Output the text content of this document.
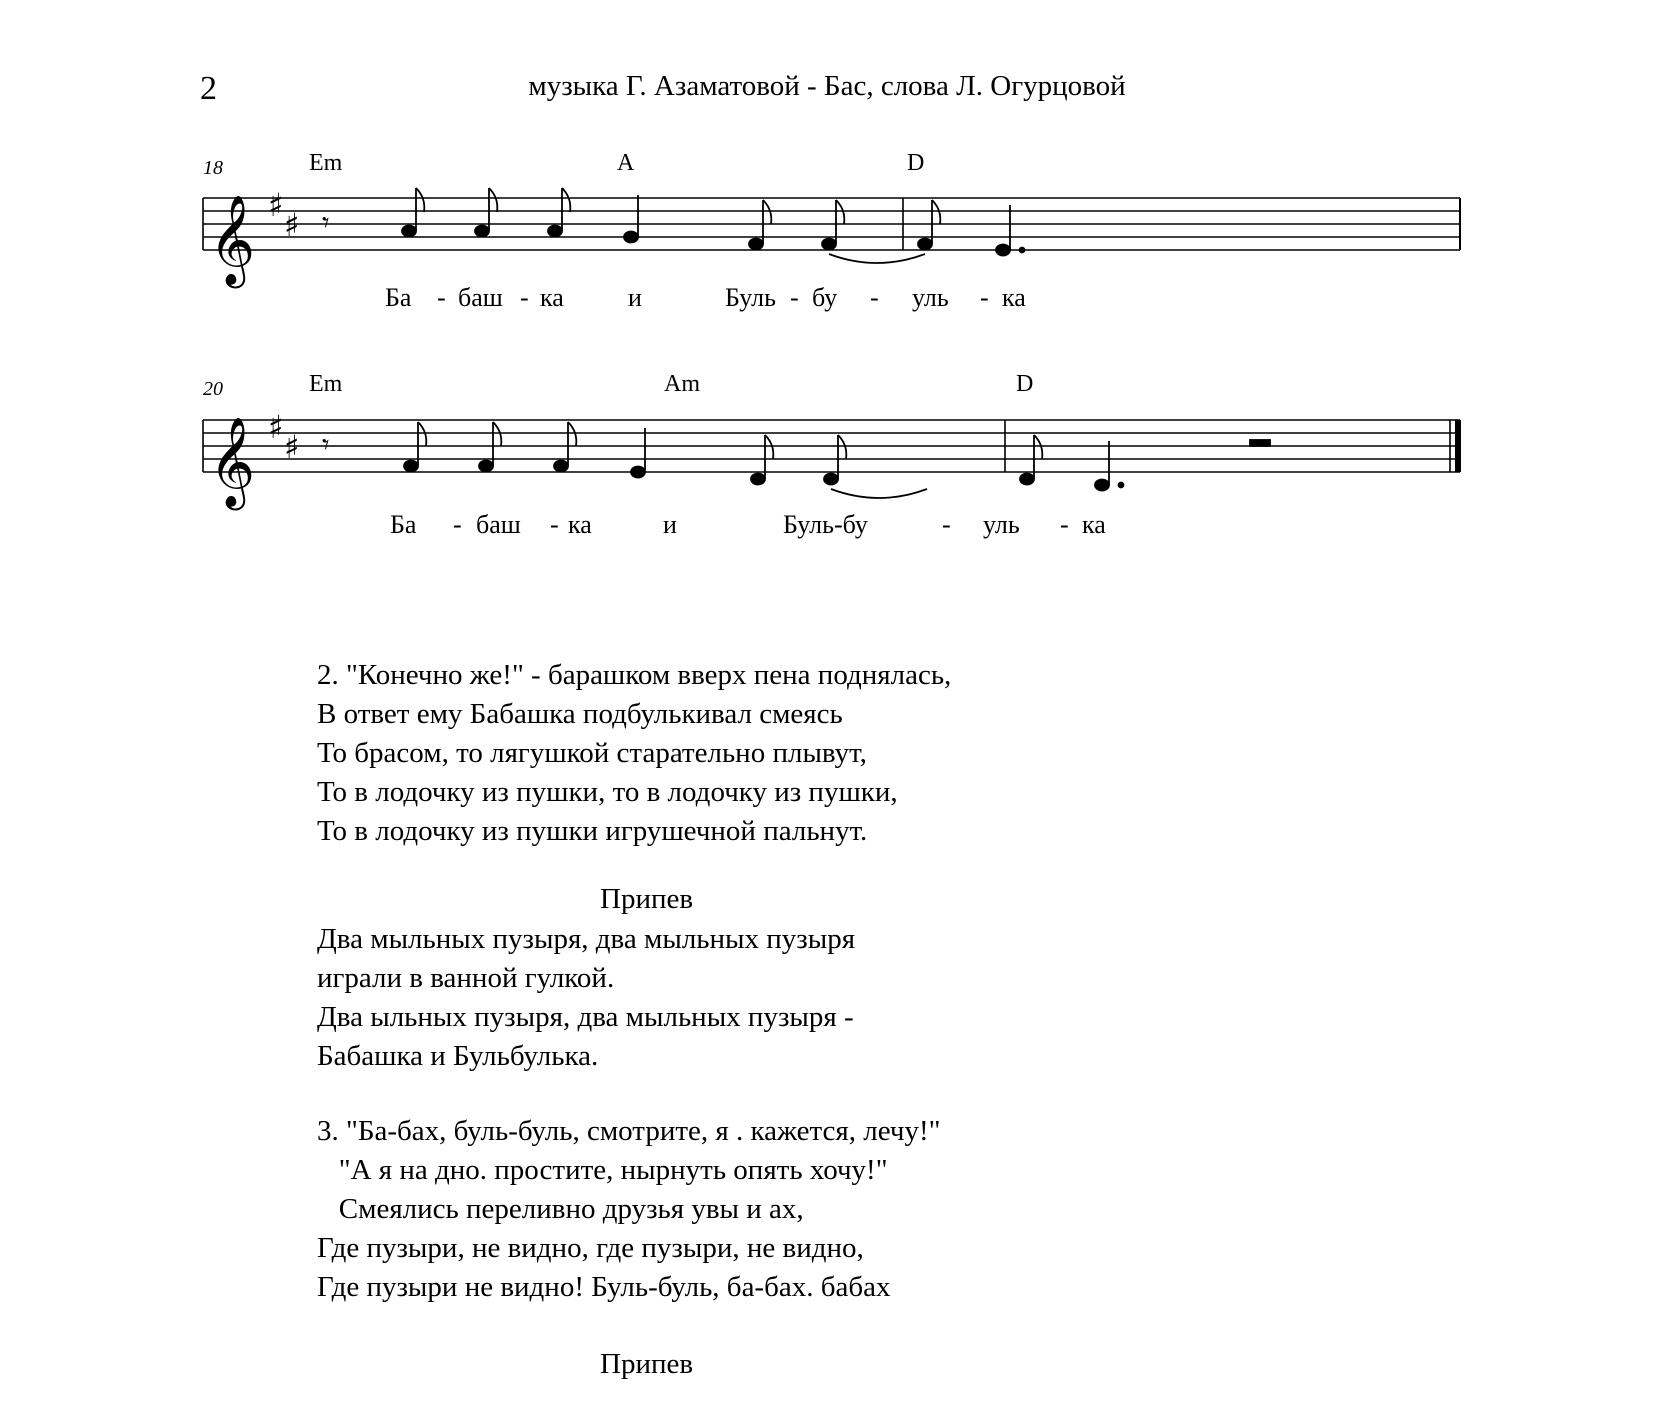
2	музыка Г. Азаматовой - Бас, слова Л. Огурцовой
𝄞 ♯
♯ 𝄾
𝄞 ♯
♯ 𝄾
18	Em	A	D
Ба - баш - ка и	Буль - бу - уль - ка
20	Em	Am	D
Ба - баш - ка	и	Буль-бу	- уль - ка
2. "Конечно же!" - барашком вверх пена поднялась,
В ответ ему Бабашка подбулькивал смеясь
То брасом, то лягушкой старательно плывут,
То в лодочку из пушки, то в лодочку из пушки,
То в лодочку из пушки игрушечной пальнут.
Припев
Два мыльных пузыря, два мыльных пузыря
играли в ванной гулкой.
Два ыльных пузыря, два мыльных пузыря -
Бабашка и Бульбулька.
3. "Ба-бах, буль-буль, смотрите, я . кажется, лечу!"
"А я на дно. простите, нырнуть опять хочу!"
Смеялись переливно друзья увы и ах,
Где пузыри, не видно, где пузыри, не видно,
Где пузыри не видно! Буль-буль, ба-бах. бабах
Припев
